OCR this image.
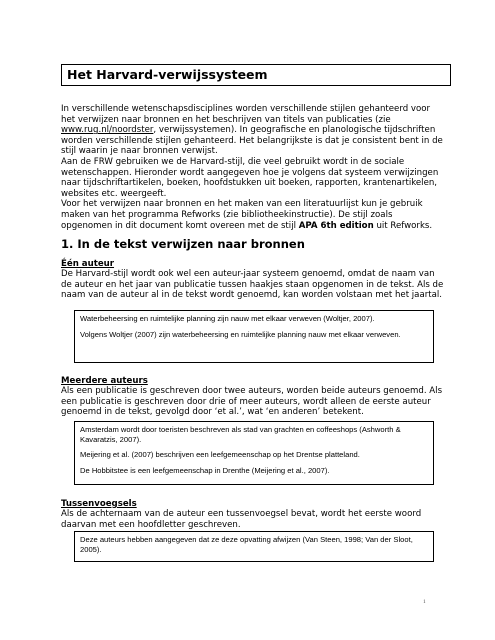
Het Harvard-verwijssysteem

In verschillende wetenschapsdisciplines worden verschillende stijlen gehanteerd voor het verwijzen naar bronnen en het beschrijven van titels van publicaties (zie www.rug.nl/noordster, verwijssystemen). In geografische en planologische tijdschriften worden verschillende stijlen gehanteerd. Het belangrijkste is dat je consistent bent in de stijl waarin je naar bronnen verwijst.

Aan de FRW gebruiken we de Harvard-stijl, die veel gebruikt wordt in de sociale wetenschappen. Hieronder wordt aangegeven hoe je volgens dat systeem verwijzingen naar tijdschriftartikelen, boeken, hoofdstukken uit boeken, rapporten, krantenartikelen, websites etc. weergeeft.

Voor het verwijzen naar bronnen en het maken van een literatuurlijst kun je gebruik maken van het programma Refworks (zie bibliotheekinstructie). De stijl zoals opgenomen in dit document komt overeen met de stijl APA 6th edition uit Refworks.

1. In de tekst verwijzen naar bronnen
Één auteur
De Harvard-stijl wordt ook wel een auteur-jaar systeem genoemd, omdat de naam van de auteur en het jaar van publicatie tussen haakjes staan opgenomen in de tekst. Als de naam van de auteur al in de tekst wordt genoemd, kan worden volstaan met het jaartal.

Waterbeheersing en ruimtelijke planning zijn nauw met elkaar verweven (Woltjer, 2007).

Volgens Woltjer (2007) zijn waterbeheersing en ruimtelijke planning nauw met elkaar verweven.

Meerdere auteurs
Als een publicatie is geschreven door twee auteurs, worden beide auteurs genoemd. Als een publicatie is geschreven door drie of meer auteurs, wordt alleen de eerste auteur genoemd in de tekst, gevolgd door ‘et al.’, wat ‘en anderen’ betekent.

Amsterdam wordt door toeristen beschreven als stad van grachten en coffeeshops (Ashworth & Kavaratzis, 2007).

Meijering et al. (2007) beschrijven een leefgemeenschap op het Drentse platteland.

De Hobbitstee is een leefgemeenschap in Drenthe (Meijering et al., 2007).

Tussenvoegsels
Als de achternaam van de auteur een tussenvoegsel bevat, wordt het eerste woord daarvan met een hoofdletter geschreven.

Deze auteurs hebben aangegeven dat ze deze opvatting afwijzen (Van Steen, 1998; Van der Sloot, 2005).

1
